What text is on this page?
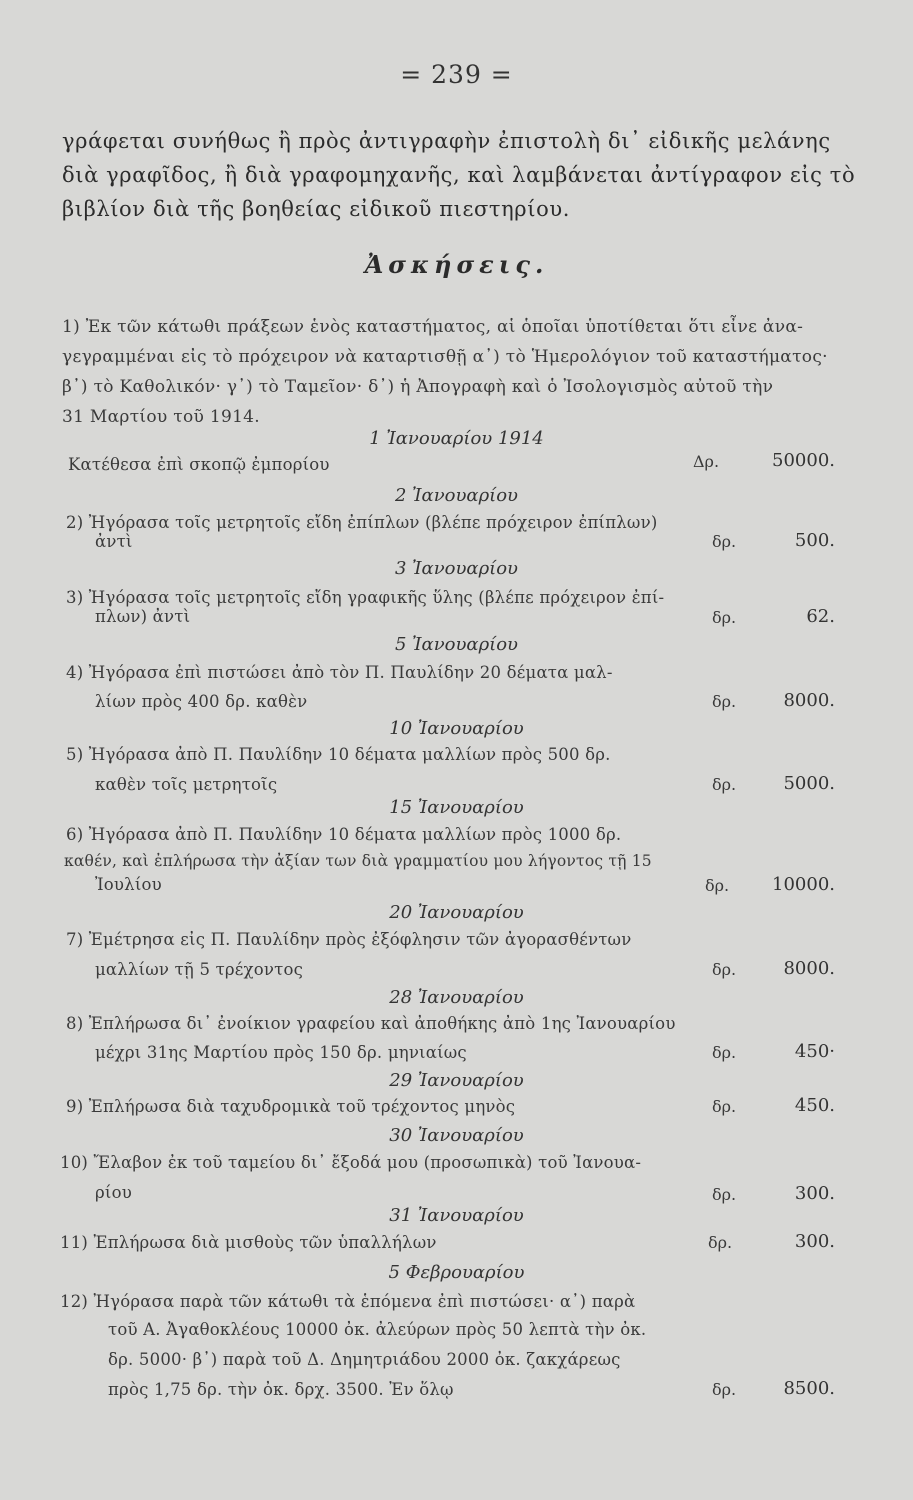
= 239 =
γράφεται συνήθως ἢ πρὸς ἀντιγραφὴν ἐπιστολὴ δι᾽ εἰδικῆς μελάνης
διὰ γραφῖδος, ἢ διὰ γραφομηχανῆς, καὶ λαμβάνεται ἀντίγραφον εἰς τὸ
βιβλίον διὰ τῆς βοηθείας εἰδικοῦ πιεστηρίου.
Ἀσκήσεις.
1) Ἐκ τῶν κάτωθι πράξεων ἑνὸς καταστήματος, αἱ ὁποῖαι ὑποτίθεται ὅτι εἶνε ἀνα-
γεγραμμέναι εἰς τὸ πρόχειρον νὰ καταρτισθῇ α᾽) τὸ Ἡμερολόγιον τοῦ καταστήματος·
β᾽) τὸ Καθολικόν· γ᾽) τὸ Ταμεῖον· δ᾽) ἡ Ἀπογραφὴ καὶ ὁ Ἰσολογισμὸς αὐτοῦ τὴν
31 Μαρτίου τοῦ 1914.
1 Ἰανουαρίου 1914
Κατέθεσα ἐπὶ σκοπῷ ἐμπορίου	Δρ.	50000.
2 Ἰανουαρίου
2) Ἠγόρασα τοῖς μετρητοῖς εἴδη ἐπίπλων (βλέπε πρόχειρον ἐπίπλων)
ἀντὶ	δρ.	500.
3 Ἰανουαρίου
3) Ἠγόρασα τοῖς μετρητοῖς εἴδη γραφικῆς ὕλης (βλέπε πρόχειρον ἐπί-
πλων) ἀντὶ	δρ.	62.
5 Ἰανουαρίου
4) Ἠγόρασα ἐπὶ πιστώσει ἀπὸ τὸν Π. Παυλίδην 20 δέματα μαλ-
λίων πρὸς 400 δρ. καθὲν	δρ.	8000.
10 Ἰανουαρίου
5) Ἠγόρασα ἀπὸ Π. Παυλίδην 10 δέματα μαλλίων πρὸς 500 δρ.
καθὲν τοῖς μετρητοῖς	δρ.	5000.
15 Ἰανουαρίου
6) Ἠγόρασα ἀπὸ Π. Παυλίδην 10 δέματα μαλλίων πρὸς 1000 δρ.
καθέν, καὶ ἐπλήρωσα τὴν ἀξίαν των διὰ γραμματίου μου λήγοντος τῇ 15
Ἰουλίου	δρ. 10000.
20 Ἰανουαρίου
7) Ἐμέτρησα εἰς Π. Παυλίδην πρὸς ἐξόφλησιν τῶν ἀγορασθέντων
μαλλίων τῇ 5 τρέχοντος	δρ.	8000.
28 Ἰανουαρίου
8) Ἐπλήρωσα δι᾽ ἐνοίκιον γραφείου καὶ ἀποθήκης ἀπὸ 1ης Ἰανουαρίου
μέχρι 31ης Μαρτίου πρὸς 150 δρ. μηνιαίως	δρ.	450·
29 Ἰανουαρίου
9) Ἐπλήρωσα διὰ ταχυδρομικὰ τοῦ τρέχοντος μηνὸς	δρ.	450.
30 Ἰανουαρίου
10) Ἔλαβον ἐκ τοῦ ταμείου δι᾽ ἔξοδά μου (προσωπικὰ) τοῦ Ἰανουα-
ρίου	δρ.	300.
31 Ἰανουαρίου
11) Ἐπλήρωσα διὰ μισθοὺς τῶν ὑπαλλήλων	δρ.	300.
5 Φεβρουαρίου
12) Ἠγόρασα παρὰ τῶν κάτωθι τὰ ἑπόμενα ἐπὶ πιστώσει· α᾽) παρὰ
τοῦ Α. Ἀγαθοκλέους 10000 ὀκ. ἀλεύρων πρὸς 50 λεπτὰ τὴν ὀκ.
δρ. 5000· β᾽) παρὰ τοῦ Δ. Δημητριάδου 2000 ὀκ. ζακχάρεως
πρὸς 1,75 δρ. τὴν ὀκ. δρχ. 3500. Ἐν ὅλῳ	δρ.	8500.
